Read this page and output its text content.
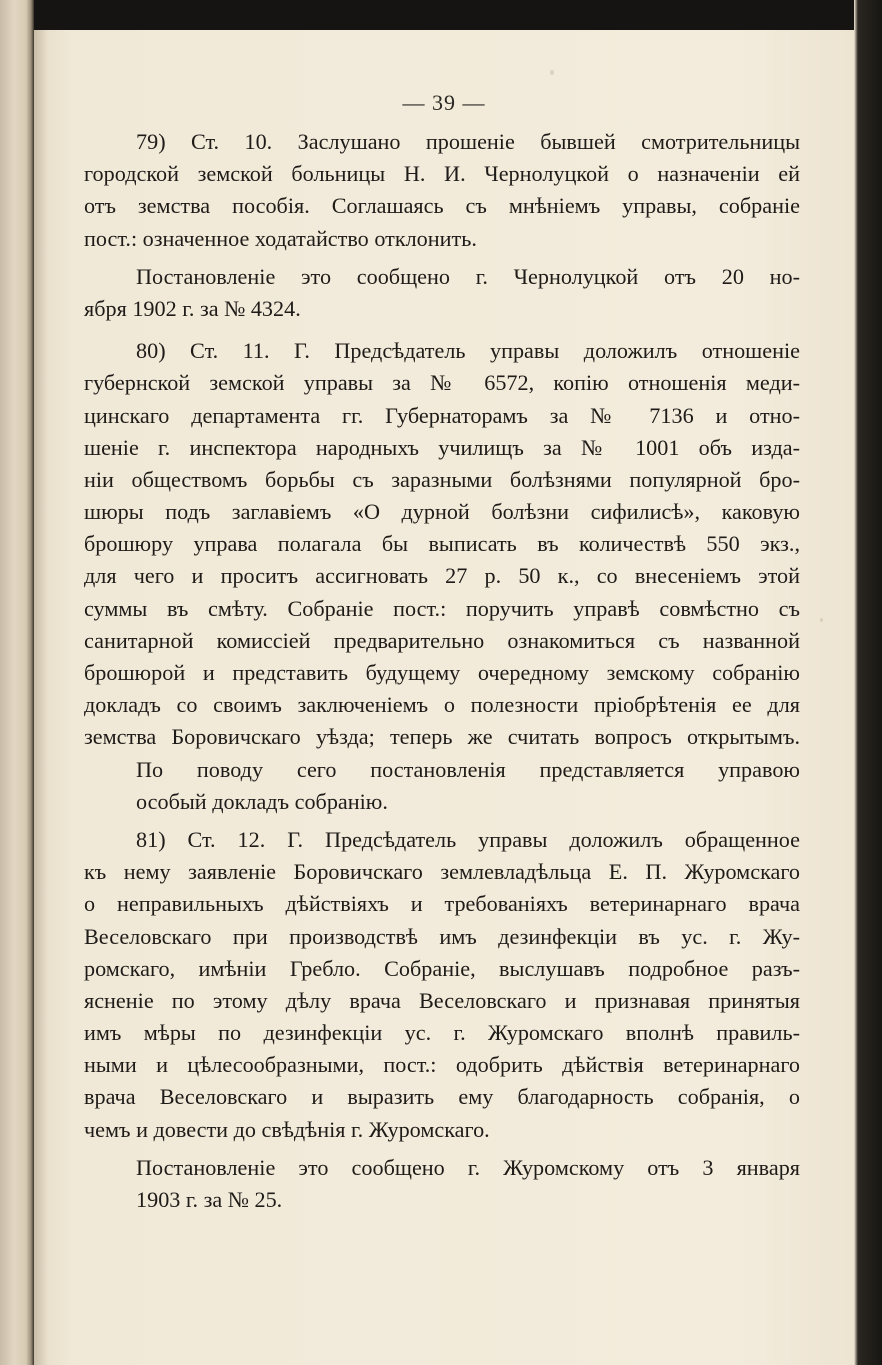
— 39 —
79) Ст. 10. Заслушано прошеніе бывшей смотрительницы
городской земской больницы Н. И. Чернолуцкой о назначеніи ей
отъ земства пособія. Соглашаясь съ мнѣніемъ управы, собраніе
пост.: означенное ходатайство отклонить.
Постановленіе это сообщено г. Чернолуцкой отъ 20 но-
ября 1902 г. за № 4324.
80) Ст. 11. Г. Предсѣдатель управы доложилъ отношеніе
губернской земской управы за № 6572, копію отношенія меди-
цинскаго департамента гг. Губернаторамъ за № 7136 и отно-
шеніе г. инспектора народныхъ училищъ за № 1001 объ изда-
ніи обществомъ борьбы съ заразными болѣзнями популярной бро-
шюры подъ заглавіемъ «О дурной болѣзни сифилисѣ», каковую
брошюру управа полагала бы выписать въ количествѣ 550 экз.,
для чего и проситъ ассигновать 27 р. 50 к., со внесеніемъ этой
суммы въ смѣту. Собраніе пост.: поручить управѣ совмѣстно съ
санитарной комиссіей предварительно ознакомиться съ названной
брошюрой и представить будущему очередному земскому собранію
докладъ со своимъ заключеніемъ о полезности пріобрѣтенія ее для
земства Боровичскаго уѣзда; теперь же считать вопросъ открытымъ.
По поводу сего постановленія представляется управою
особый докладъ собранію.
81) Ст. 12. Г. Предсѣдатель управы доложилъ обращенное
къ нему заявленіе Боровичскаго землевладѣльца Е. П. Журомскаго
о неправильныхъ дѣйствіяхъ и требованіяхъ ветеринарнаго врача
Веселовскаго при производствѣ имъ дезинфекціи въ ус. г. Жу-
ромскаго, имѣніи Гребло. Собраніе, выслушавъ подробное разъ-
ясненіе по этому дѣлу врача Веселовскаго и признавая принятыя
имъ мѣры по дезинфекціи ус. г. Журомскаго вполнѣ правиль-
ными и цѣлесообразными, пост.: одобрить дѣйствія ветеринарнаго
врача Веселовскаго и выразить ему благодарность собранія, о
чемъ и довести до свѣдѣнія г. Журомскаго.
Постановленіе это сообщено г. Журомскому отъ 3 января
1903 г. за № 25.
